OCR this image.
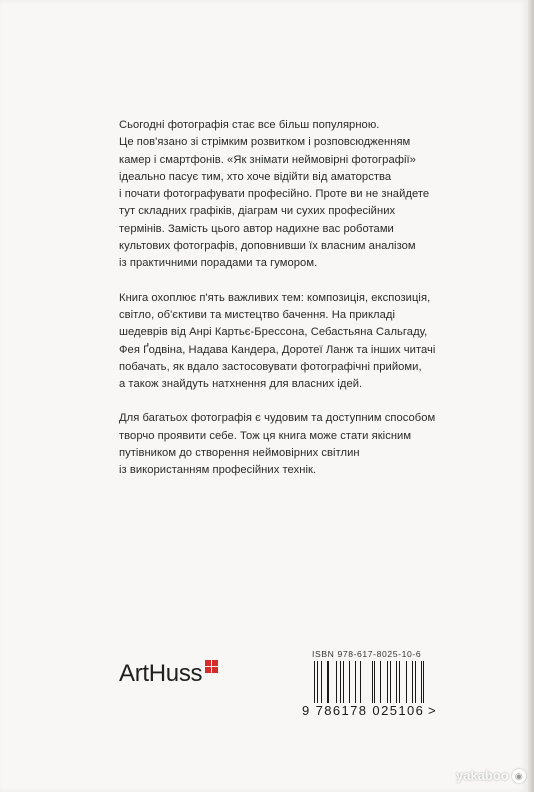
Сьогодні фотографія стає все більш популярною.
Це пов'язано зі стрімким розвитком і розповсюдженням
камер і смартфонів. «Як знімати неймовірні фотографії»
ідеально пасує тим, хто хоче відійти від аматорства
і почати фотографувати професійно. Проте ви не знайдете
тут складних графіків, діаграм чи сухих професійних
термінів. Замість цього автор надихне вас роботами
культових фотографів, доповнивши їх власним аналізом
із практичними порадами та гумором.

Книга охоплює п'ять важливих тем: композиція, експозиція,
світло, об'єктиви та мистецтво бачення. На прикладі
шедеврів від Анрі Картьє-Брессона, Себастьяна Сальгаду,
Фея Ґодвіна, Надава Кандера, Доротеї Ланж та інших читачі
побачать, як вдало застосовувати фотографічні прийоми,
а також знайдуть натхнення для власних ідей.

Для багатьох фотографія є чудовим та доступним способом
творчо проявити себе. Тож ця книга може стати якісним
путівником до створення неймовірних світлин
із використанням професійних технік.

ArtHuss
ISBN 978-617-8025-10-6
9 786178 025106 >
yakaboo ◉
